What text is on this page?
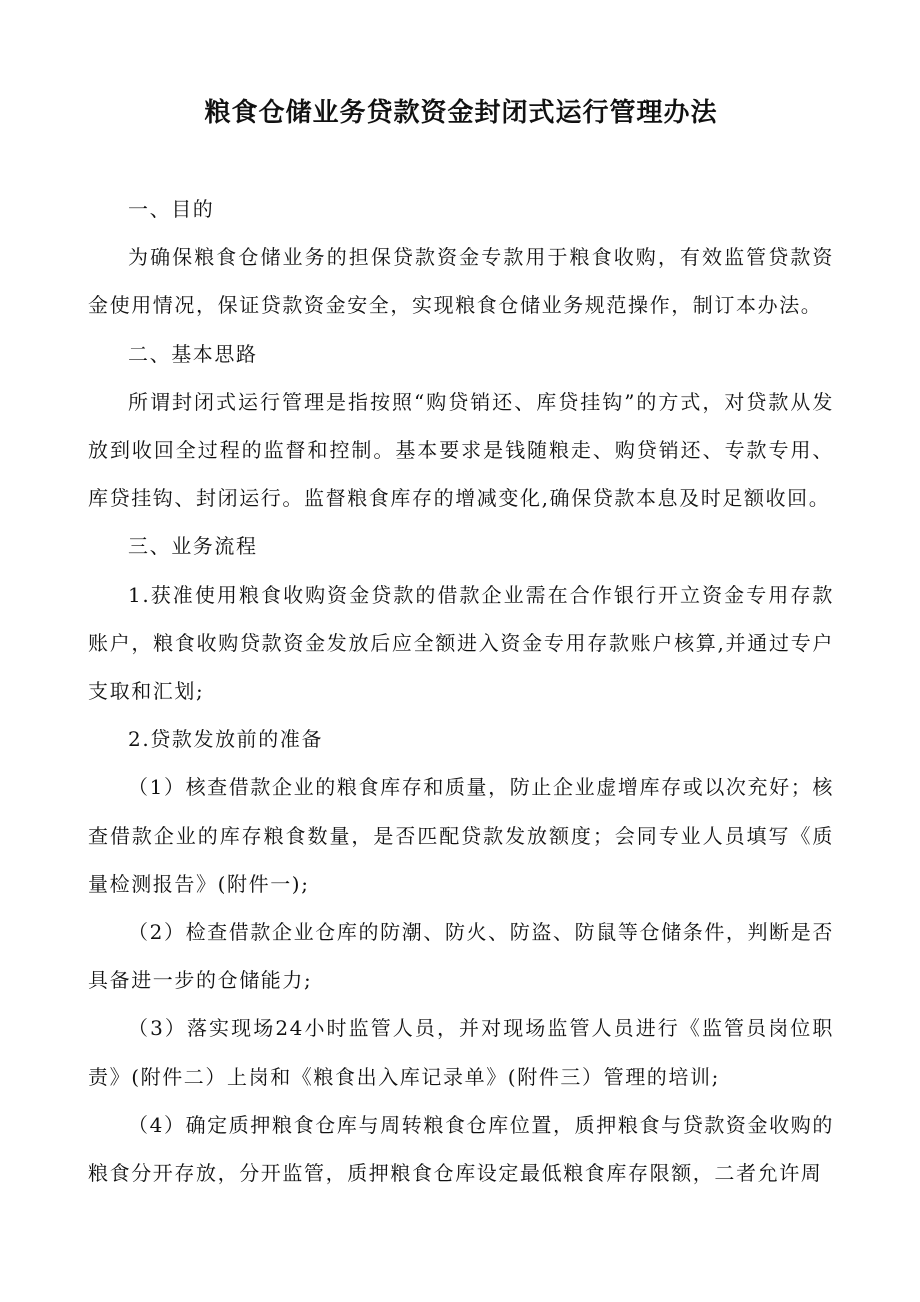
粮食仓储业务贷款资金封闭式运行管理办法

一、目的

为确保粮食仓储业务的担保贷款资金专款用于粮食收购，有效监管贷款资金使用情况，保证贷款资金安全，实现粮食仓储业务规范操作，制订本办法。

二、基本思路

所谓封闭式运行管理是指按照“购贷销还、库贷挂钩”的方式，对贷款从发放到收回全过程的监督和控制。基本要求是钱随粮走、购贷销还、专款专用、库贷挂钩、封闭运行。监督粮食库存的增减变化,确保贷款本息及时足额收回。

三、业务流程

1.获准使用粮食收购资金贷款的借款企业需在合作银行开立资金专用存款账户，粮食收购贷款资金发放后应全额进入资金专用存款账户核算,并通过专户支取和汇划;

2.贷款发放前的准备

（1）核查借款企业的粮食库存和质量，防止企业虚增库存或以次充好；核查借款企业的库存粮食数量，是否匹配贷款发放额度；会同专业人员填写《质量检测报告》(附件一);

（2）检查借款企业仓库的防潮、防火、防盗、防鼠等仓储条件，判断是否具备进一步的仓储能力;

（3）落实现场24小时监管人员，并对现场监管人员进行《监管员岗位职责》(附件二）上岗和《粮食出入库记录单》(附件三）管理的培训;

（4）确定质押粮食仓库与周转粮食仓库位置，质押粮食与贷款资金收购的粮食分开存放，分开监管，质押粮食仓库设定最低粮食库存限额，二者允许周
